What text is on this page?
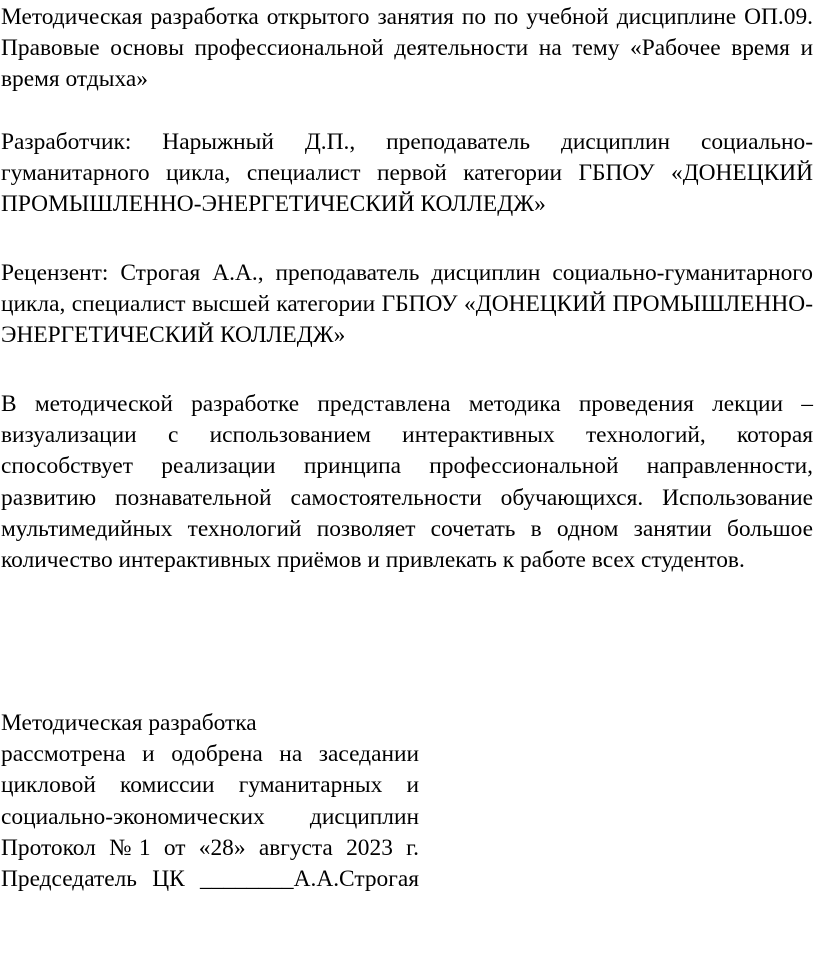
Методическая разработка открытого занятия по по учебной дисциплине ОП.09. Правовые основы профессиональной деятельности на тему «Рабочее время и время отдыха»

Разработчик: Нарыжный Д.П., преподаватель дисциплин социально-гуманитарного цикла, специалист первой категории ГБПОУ «ДОНЕЦКИЙ ПРОМЫШЛЕННО-ЭНЕРГЕТИЧЕСКИЙ КОЛЛЕДЖ»

Рецензент: Строгая А.А., преподаватель дисциплин социально-гуманитарного цикла, специалист высшей категории ГБПОУ «ДОНЕЦКИЙ ПРОМЫШЛЕННО-ЭНЕРГЕТИЧЕСКИЙ КОЛЛЕДЖ»

В методической разработке представлена методика проведения лекции – визуализации с использованием интерактивных технологий, которая способствует реализации принципа профессиональной направленности, развитию познавательной самостоятельности обучающихся. Использование мультимедийных технологий позволяет сочетать в одном занятии большое количество интерактивных приёмов и привлекать к работе всех студентов.

Методическая разработка
рассмотрена и одобрена на заседании
цикловой комиссии гуманитарных и
социально-экономических дисциплин
Протокол №1 от «28» августа 2023 г.
Председатель ЦК ________А.А.Строгая
